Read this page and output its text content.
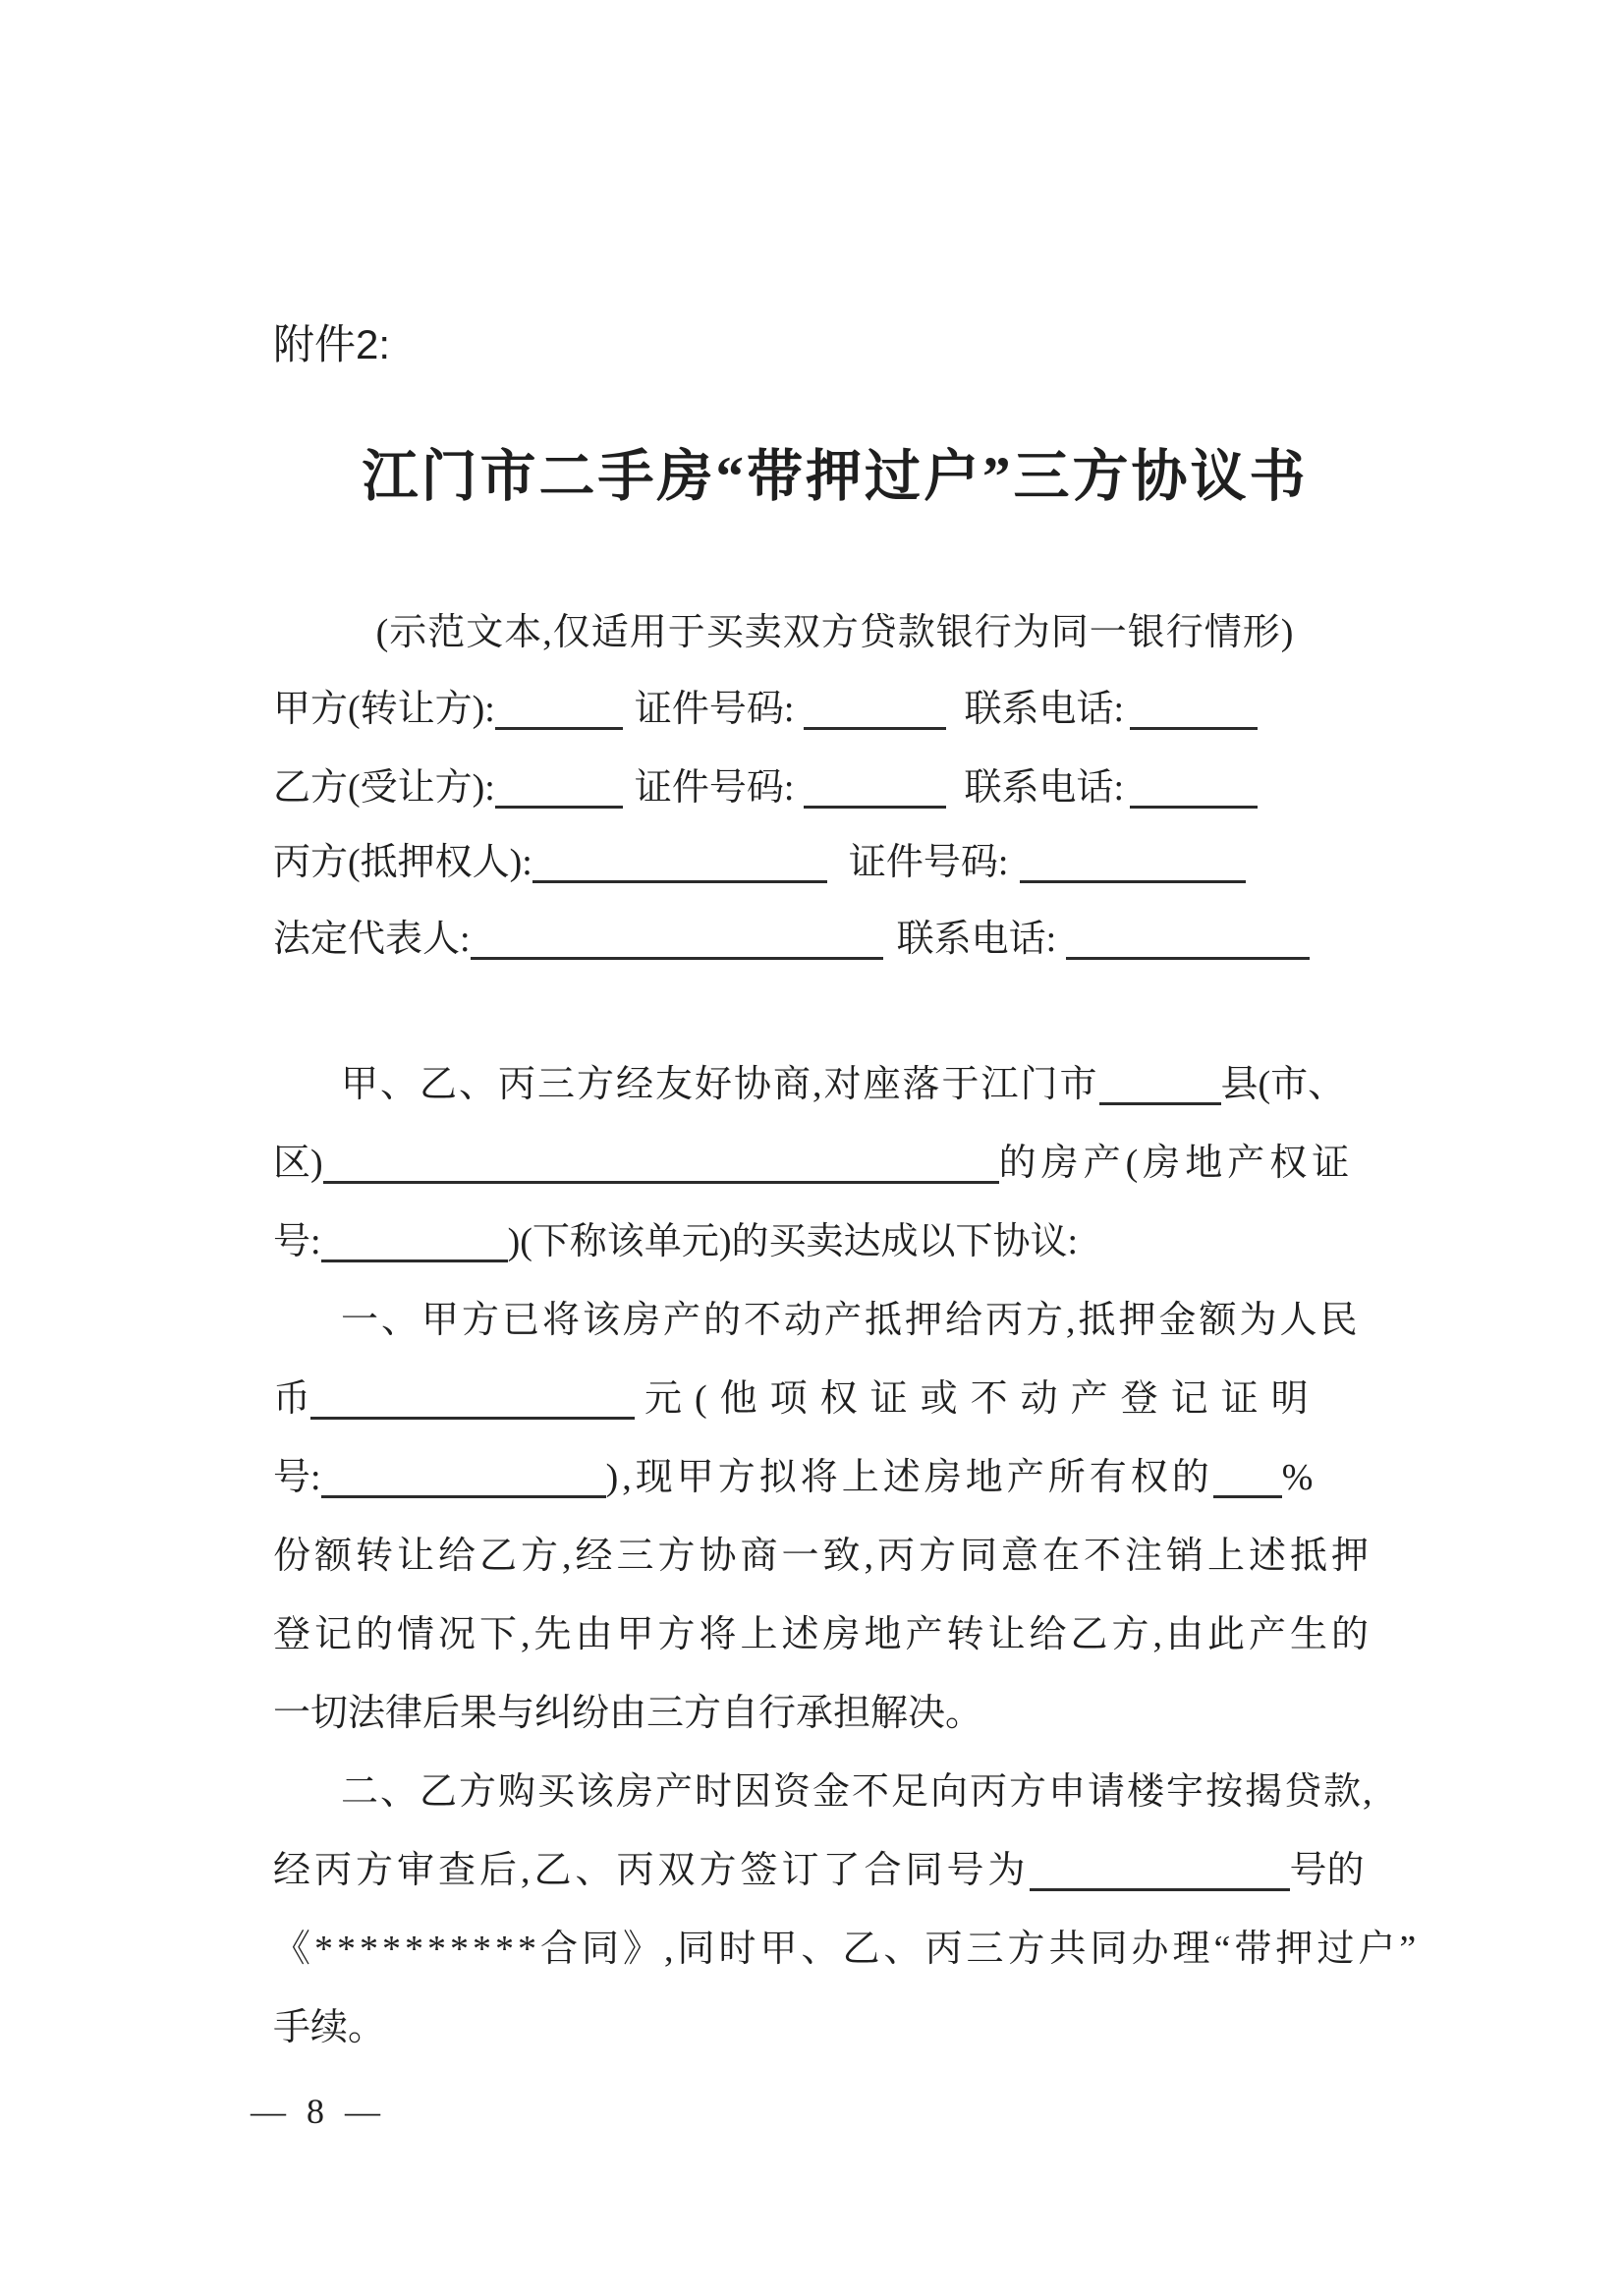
附件2:
江门市二手房“带押过户”三方协议书
(示范文本,仅适用于买卖双方贷款银行为同一银行情形)
甲方(转让方):	证件号码:	联系电话:
乙方(受让方):	证件号码:	联系电话:
丙方(抵押权人):	证件号码:
法定代表人:	联系电话:
甲、乙、丙三方经友好协商,对座落于江门市	县(市、
区)	的房产(房地产权证
号:	)(下称该单元)的买卖达成以下协议:
一、甲方已将该房产的不动产抵押给丙方,抵押金额为人民
币	元(他项权证或不动产登记证明
号:	),现甲方拟将上述房地产所有权的 %
份额转让给乙方,经三方协商一致,丙方同意在不注销上述抵押
登记的情况下,先由甲方将上述房地产转让给乙方,由此产生的
一切法律后果与纠纷由三方自行承担解决。
二、乙方购买该房产时因资金不足向丙方申请楼宇按揭贷款,
经丙方审查后,乙、丙双方签订了合同号为	号的
《**********合同》,同时甲、乙、丙三方共同办理“带押过户”
手续。
— 8 —
